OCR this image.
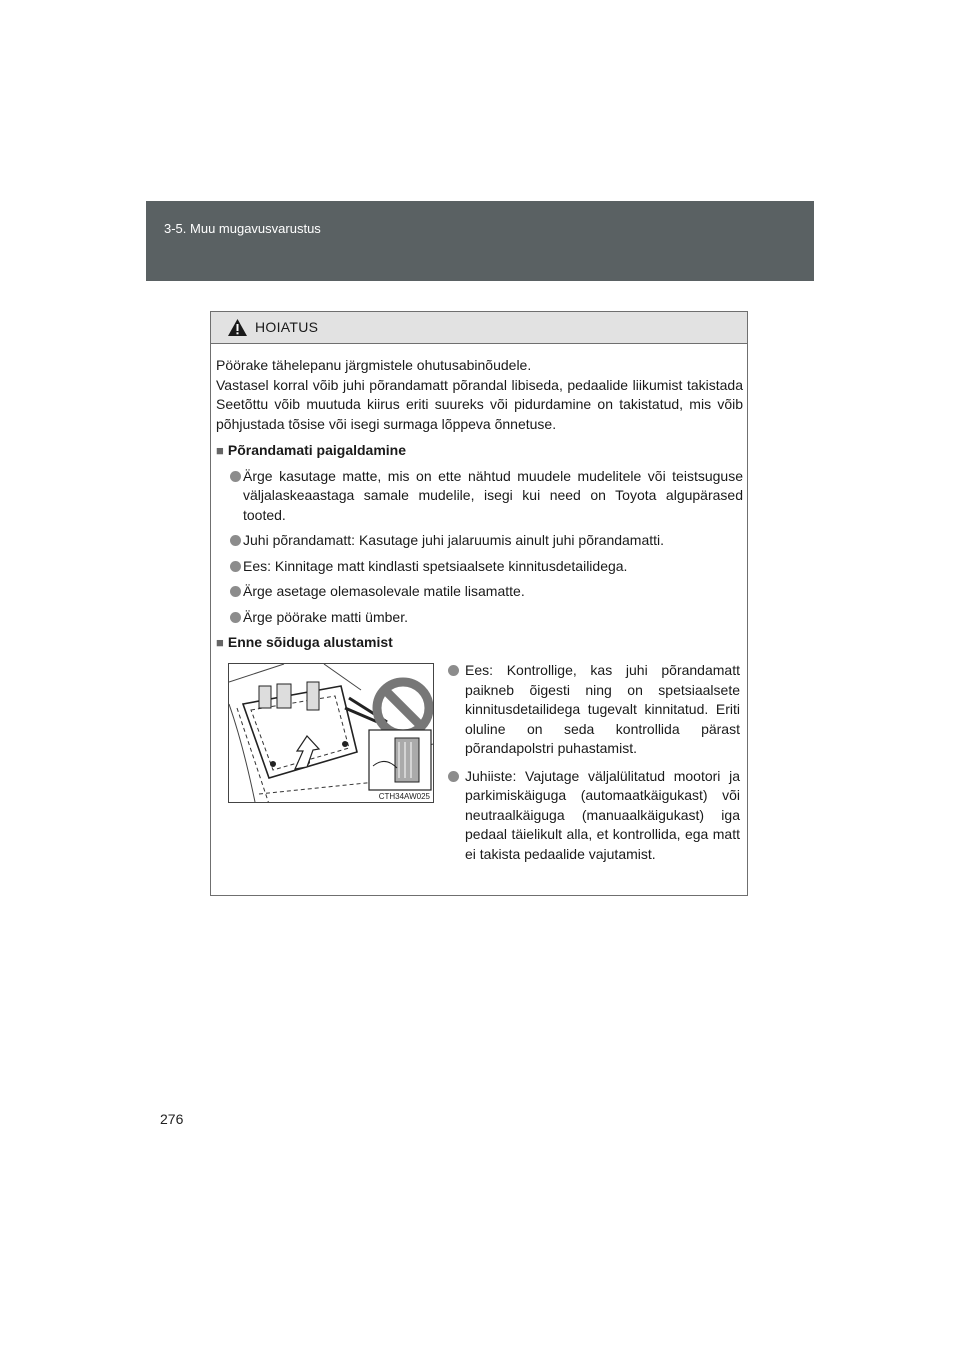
3-5. Muu mugavusvarustus
HOIATUS
Pöörake tähelepanu järgmistele ohutusabinõudele.
Vastasel korral võib juhi põrandamatt põrandal libiseda, pedaalide liikumist takistada Seetõttu võib muutuda kiirus eriti suureks või pidurdamine on takistatud, mis võib põhjustada tõsise või isegi surmaga lõppeva õnnetuse.
■ Põrandamati paigaldamine
Ärge kasutage matte, mis on ette nähtud muudele mudelitele või teistsuguse väljalaskeaastaga samale mudelile, isegi kui need on Toyota algupärased tooted.
Juhi põrandamatt: Kasutage juhi jalaruumis ainult juhi põrandamatti.
Ees: Kinnitage matt kindlasti spetsiaalsete kinnitusdetailidega.
Ärge asetage olemasolevale matile lisamatte.
Ärge pöörake matti ümber.
■ Enne sõiduga alustamist
CTH34AW025
Ees: Kontrollige, kas juhi põrandamatt paikneb õigesti ning on spetsiaalsete kinnitusdetailidega tugevalt kinnitatud. Eriti oluline on seda kontrollida pärast põrandapolstri puhastamist.
Juhiiste: Vajutage väljalülitatud mootori ja parkimiskäiguga (automaatkäigukast) või neutraalkäiguga (manuaalkäigukast) iga pedaal täielikult alla, et kontrollida, ega matt ei takista pedaalide vajutamist.
276
